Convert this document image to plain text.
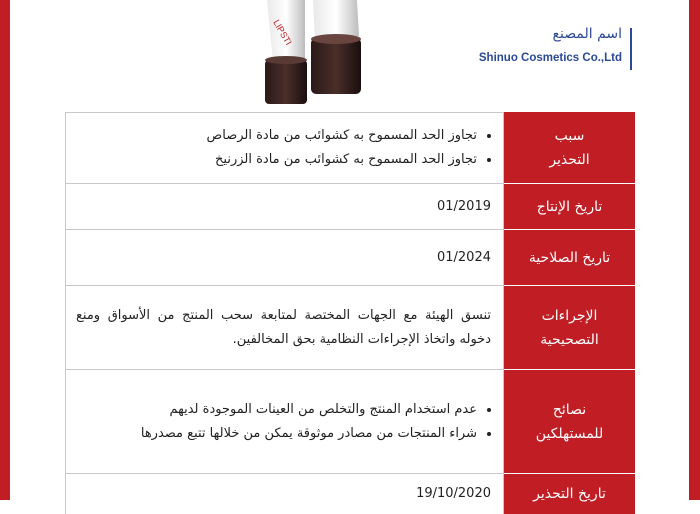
LIPSTI	اسم المصنع
Shinuo Cosmetics Co.,Ltd
سبب
التحذير
• تجاوز الحد المسموح به كشوائب من مادة الرصاص
• تجاوز الحد المسموح به كشوائب من مادة الزرنيخ
تاريخ الإنتاج
01/2019
تاريخ الصلاحية
01/2024
الإجراءات
التصحيحية

تنسق الهيئة مع الجهات المختصة لمتابعة سحب المنتج من الأسواق ومنع دخوله واتخاذ الإجراءات النظامية بحق المخالفين.

نصائح
للمستهلكين
• عدم استخدام المنتج والتخلص من العينات الموجودة لديهم
• شراء المنتجات من مصادر موثوقة يمكن من خلالها تتبع مصدرها
تاريخ التحذير
19/10/2020
